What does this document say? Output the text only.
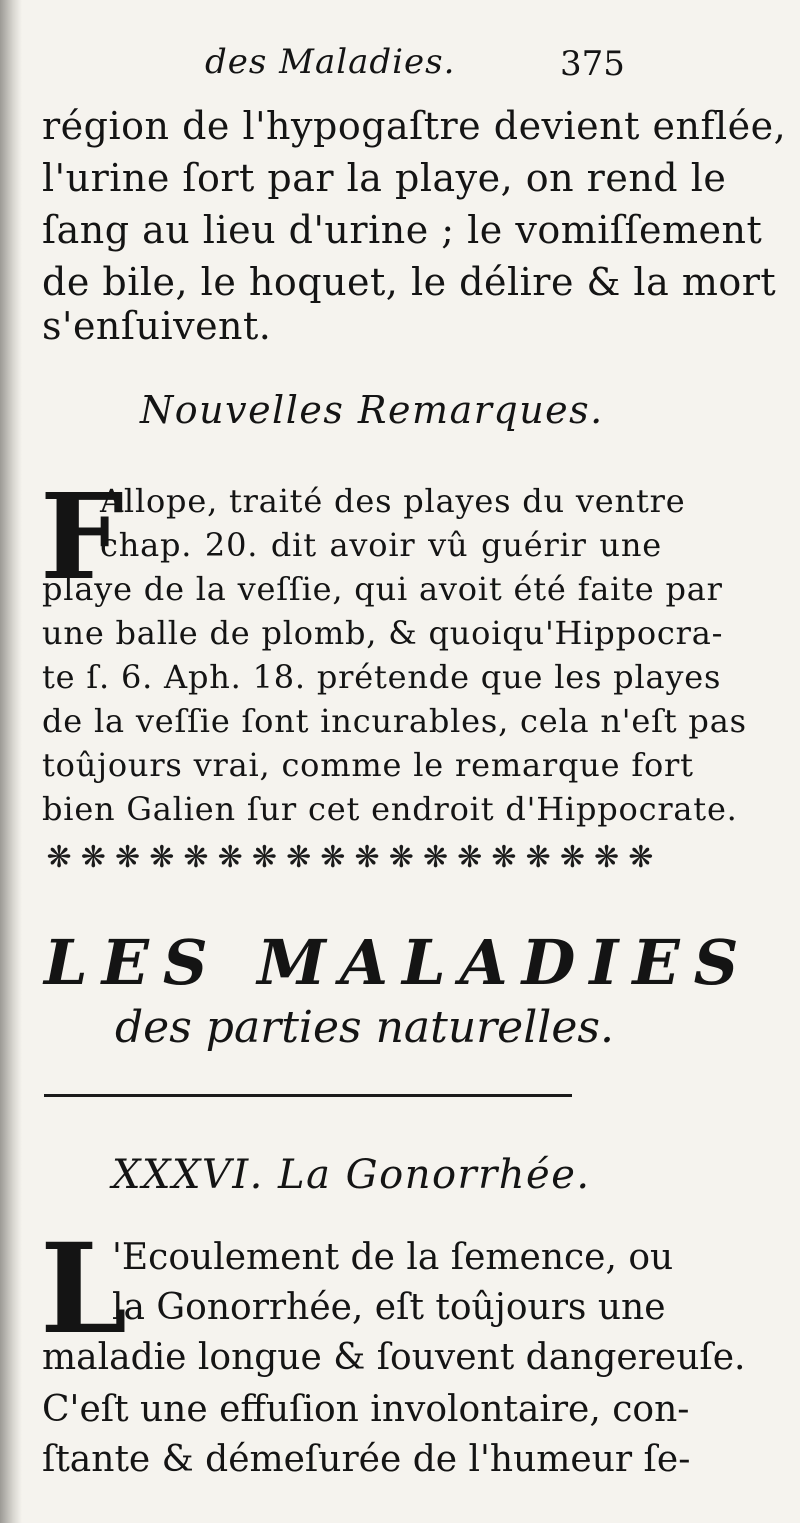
des Maladies.	375
région de l'hypogaſtre devient enflée,
l'urine ſort par la playe, on rend le
ſang au lieu d'urine ; le vomiſſement
de bile, le hoquet, le délire & la mort
s'enſuivent.
Nouvelles Remarques.
F
Allope, traité des playes du ventre
chap. 20. dit avoir vû guérir une
playe de la veſſie, qui avoit été faite par
une balle de plomb, & quoiqu'Hippocra-
te ſ. 6. Aph. 18. prétende que les playes
de la veſſie ſont incurables, cela n'eſt pas
toûjours vrai, comme le remarque fort
bien Galien ſur cet endroit d'Hippocrate.
❋ ❋ ❋ ❋ ❋ ❋ ❋ ❋ ❋ ❋ ❋ ❋ ❋ ❋ ❋ ❋ ❋ ❋
LES MALADIES
des parties naturelles.
XXXVI. La Gonorrhée.
L
'Ecoulement de la ſemence, ou
la Gonorrhée, eſt toûjours une
maladie longue & ſouvent dangereuſe.
C'eſt une effuſion involontaire, con-
ſtante & démeſurée de l'humeur ſe-
